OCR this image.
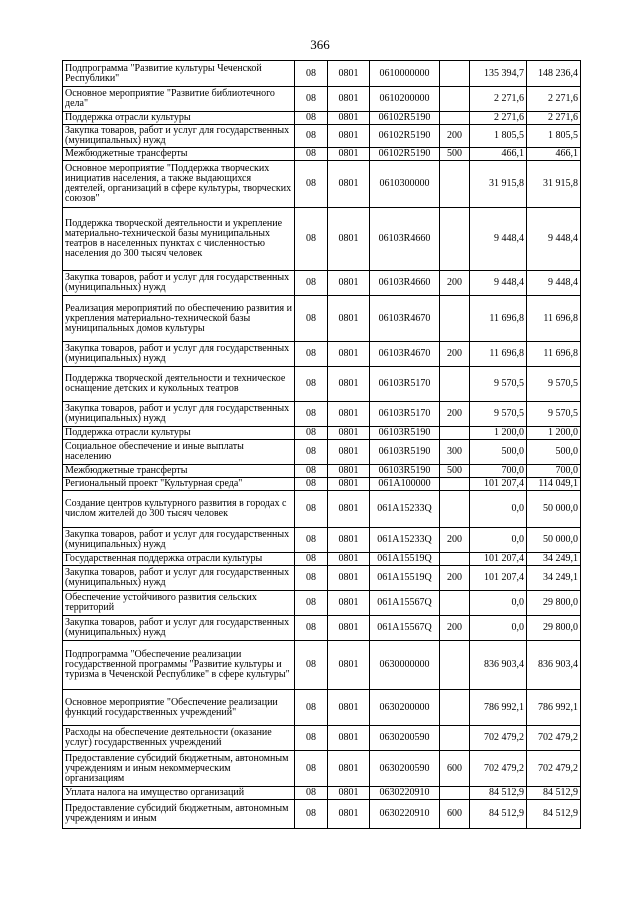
366
Подпрограмма "Развитие культуры Чеченской Республики"	08	0801	0610000000		135 394,7	148 236,4
Основное мероприятие "Развитие библиотечного дела"	08	0801	0610200000		2 271,6	2 271,6
Поддержка отрасли культуры	08	0801	06102R5190		2 271,6	2 271,6
Закупка товаров, работ и услуг для государственных (муниципальных) нужд	08	0801	06102R5190	200	1 805,5	1 805,5
Межбюджетные трансферты	08	0801	06102R5190	500	466,1	466,1
Основное мероприятие "Поддержка творческих инициатив населения, а также выдающихся деятелей, организаций в сфере культуры, творческих союзов"	08	0801	0610300000		31 915,8	31 915,8
Поддержка творческой деятельности и укрепление материально-технической базы муниципальных театров в населенных пунктах с численностью населения до 300 тысяч человек	08	0801	06103R4660		9 448,4	9 448,4
Закупка товаров, работ и услуг для государственных (муниципальных) нужд	08	0801	06103R4660	200	9 448,4	9 448,4
Реализация мероприятий по обеспечению развития и укрепления материально-технической базы муниципальных домов культуры	08	0801	06103R4670		11 696,8	11 696,8
Закупка товаров, работ и услуг для государственных (муниципальных) нужд	08	0801	06103R4670	200	11 696,8	11 696,8
Поддержка творческой деятельности и техническое оснащение детских и кукольных театров	08	0801	06103R5170		9 570,5	9 570,5
Закупка товаров, работ и услуг для государственных (муниципальных) нужд	08	0801	06103R5170	200	9 570,5	9 570,5
Поддержка отрасли культуры	08	0801	06103R5190		1 200,0	1 200,0
Социальное обеспечение и иные выплаты населению	08	0801	06103R5190	300	500,0	500,0
Межбюджетные трансферты	08	0801	06103R5190	500	700,0	700,0
Региональный проект "Культурная среда"	08	0801	061A100000		101 207,4	114 049,1
Создание центров культурного развития в городах с числом жителей до 300 тысяч человек	08	0801	061A15233Q		0,0	50 000,0
Закупка товаров, работ и услуг для государственных (муниципальных) нужд	08	0801	061A15233Q	200	0,0	50 000,0
Государственная поддержка отрасли культуры	08	0801	061A15519Q		101 207,4	34 249,1
Закупка товаров, работ и услуг для государственных (муниципальных) нужд	08	0801	061A15519Q	200	101 207,4	34 249,1
Обеспечение устойчивого развития сельских территорий	08	0801	061A15567Q		0,0	29 800,0
Закупка товаров, работ и услуг для государственных (муниципальных) нужд	08	0801	061A15567Q	200	0,0	29 800,0
Подпрограмма "Обеспечение реализации государственной программы "Развитие культуры и туризма в Чеченской Республике" в сфере культуры"	08	0801	0630000000		836 903,4	836 903,4
Основное мероприятие "Обеспечение реализации функций государственных учреждений"	08	0801	0630200000		786 992,1	786 992,1
Расходы на обеспечение деятельности (оказание услуг) государственных учреждений	08	0801	0630200590		702 479,2	702 479,2
Предоставление субсидий бюджетным, автономным учреждениям и иным некоммерческим организациям	08	0801	0630200590	600	702 479,2	702 479,2
Уплата налога на имущество организаций	08	0801	0630220910		84 512,9	84 512,9
Предоставление субсидий бюджетным, автономным учреждениям и иным	08	0801	0630220910	600	84 512,9	84 512,9
